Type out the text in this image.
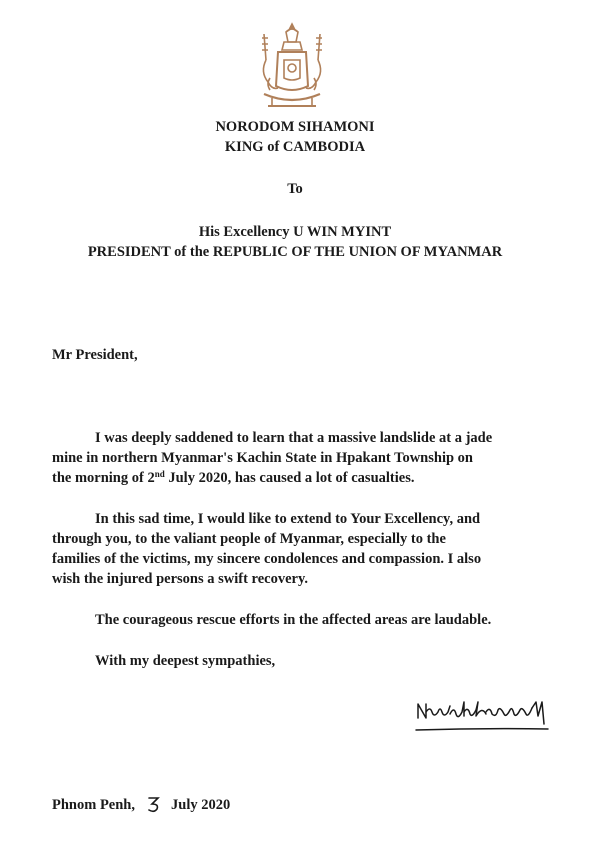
NORODOM SIHAMONI
KING of CAMBODIA
To
His Excellency U WIN MYINT
PRESIDENT of the REPUBLIC OF THE UNION OF MYANMAR
Mr President,
I was deeply saddened to learn that a massive landslide at a jade
mine in northern Myanmar's Kachin State in Hpakant Township on
the morning of 2nd July 2020, has caused a lot of casualties.
In this sad time, I would like to extend to Your Excellency, and
through you, to the valiant people of Myanmar, especially to the
families of the victims, my sincere condolences and compassion. I also
wish the injured persons a swift recovery.
The courageous rescue efforts in the affected areas are laudable.
With my deepest sympathies,
Phnom Penh, July 2020
